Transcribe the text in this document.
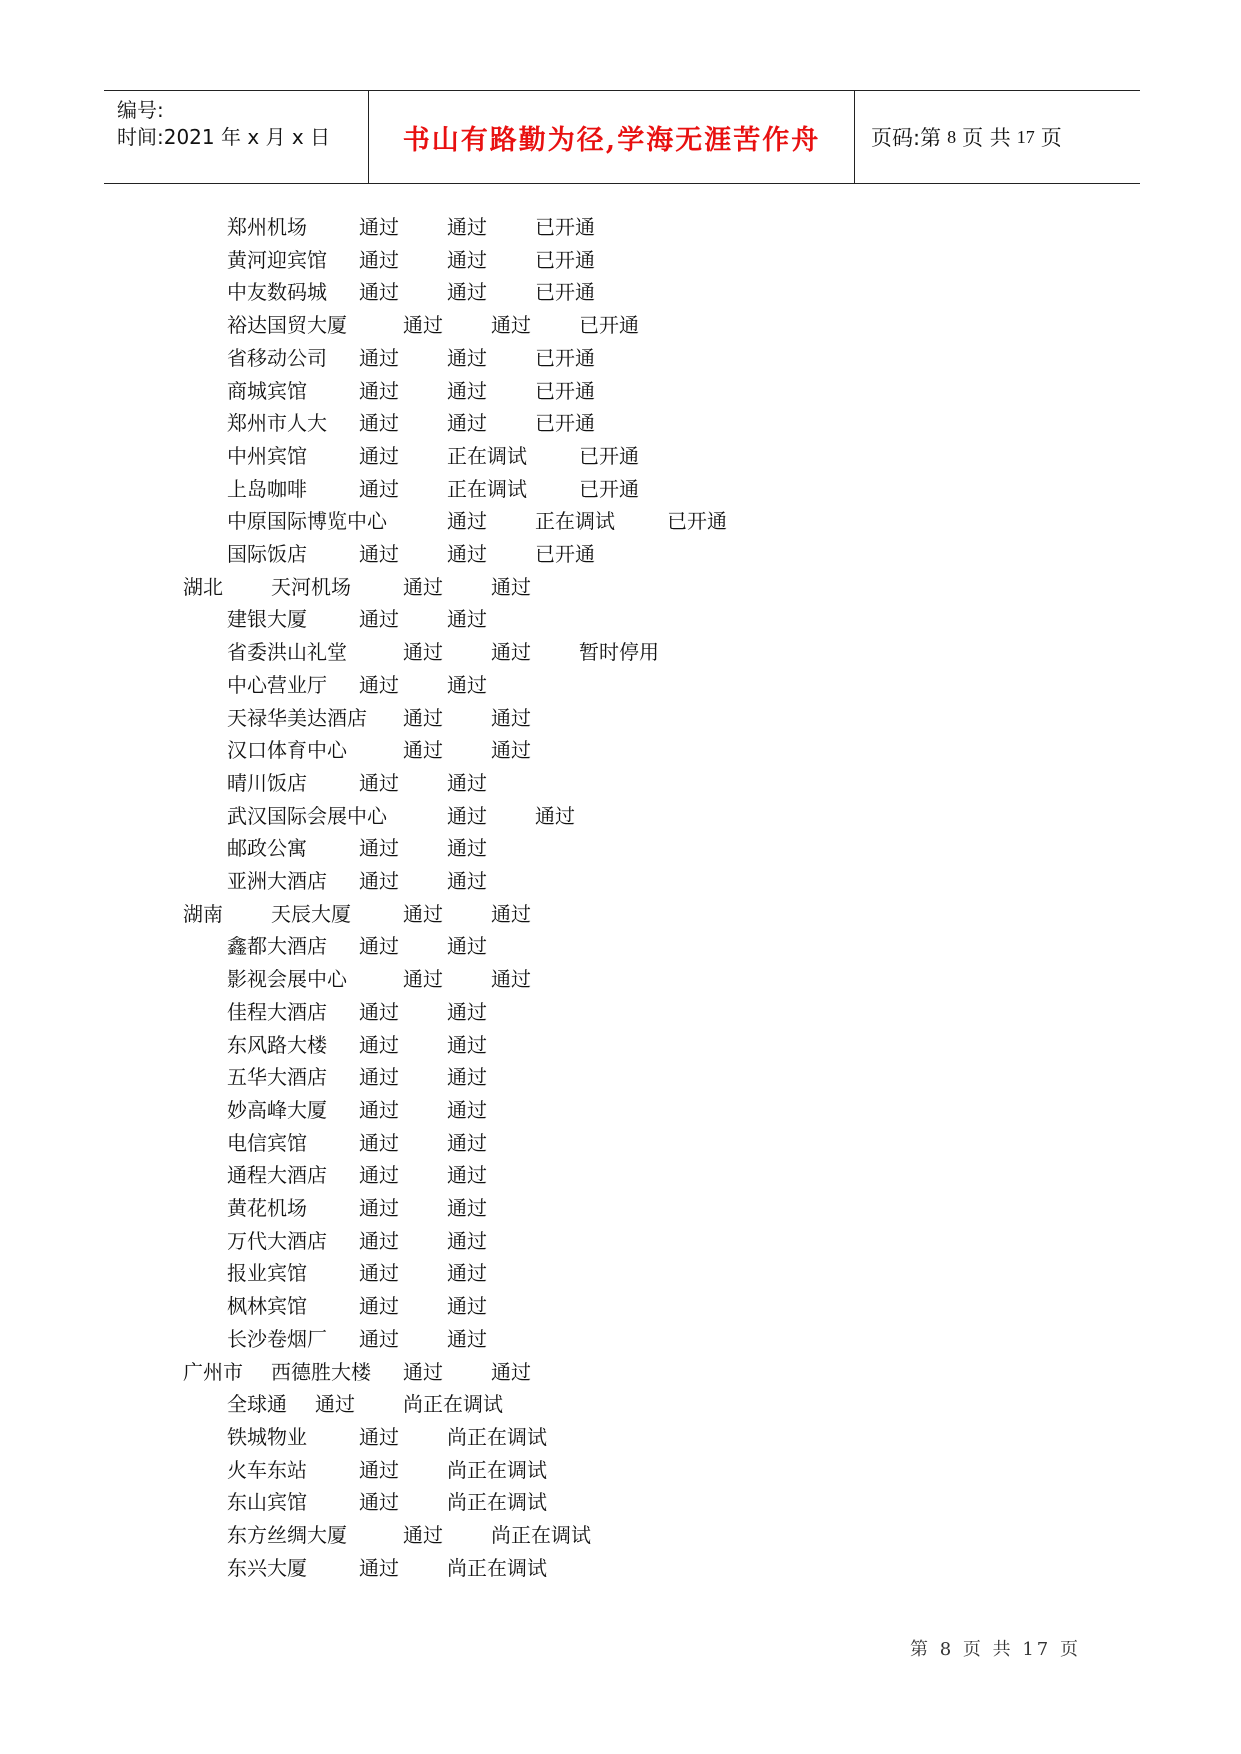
编号:
时间:2021 年 x 月 x 日	书山有路勤为径,学海无涯苦作舟 页码:第 8 页 共 17 页
郑州机场	通过 通过 已开通
黄河迎宾馆 通过 通过 已开通
中友数码城 通过 通过 已开通
裕达国贸大厦	通过 通过 已开通
省移动公司 通过 通过 已开通
商城宾馆	通过 通过 已开通
郑州市人大 通过 通过 已开通
中州宾馆	通过 正在调试	已开通
上岛咖啡	通过 正在调试	已开通
中原国际博览中心	通过 正在调试	已开通
国际饭店	通过 通过 已开通
湖北 天河机场	通过 通过
建银大厦	通过 通过
省委洪山礼堂	通过 通过 暂时停用
中心营业厅 通过 通过
天禄华美达酒店 通过 通过
汉口体育中心	通过 通过
晴川饭店	通过 通过
武汉国际会展中心	通过 通过
邮政公寓	通过 通过
亚洲大酒店 通过 通过
湖南 天辰大厦	通过 通过
鑫都大酒店 通过 通过
影视会展中心	通过 通过
佳程大酒店 通过 通过
东风路大楼 通过 通过
五华大酒店 通过 通过
妙高峰大厦 通过 通过
电信宾馆	通过 通过
通程大酒店 通过 通过
黄花机场	通过 通过
万代大酒店 通过 通过
报业宾馆	通过 通过
枫林宾馆	通过 通过
长沙卷烟厂 通过 通过
广州市 西德胜大楼 通过 通过
全球通 通过 尚正在调试
铁城物业	通过 尚正在调试
火车东站	通过 尚正在调试
东山宾馆	通过 尚正在调试
东方丝绸大厦	通过 尚正在调试
东兴大厦	通过 尚正在调试
第 8 页 共 17 页
